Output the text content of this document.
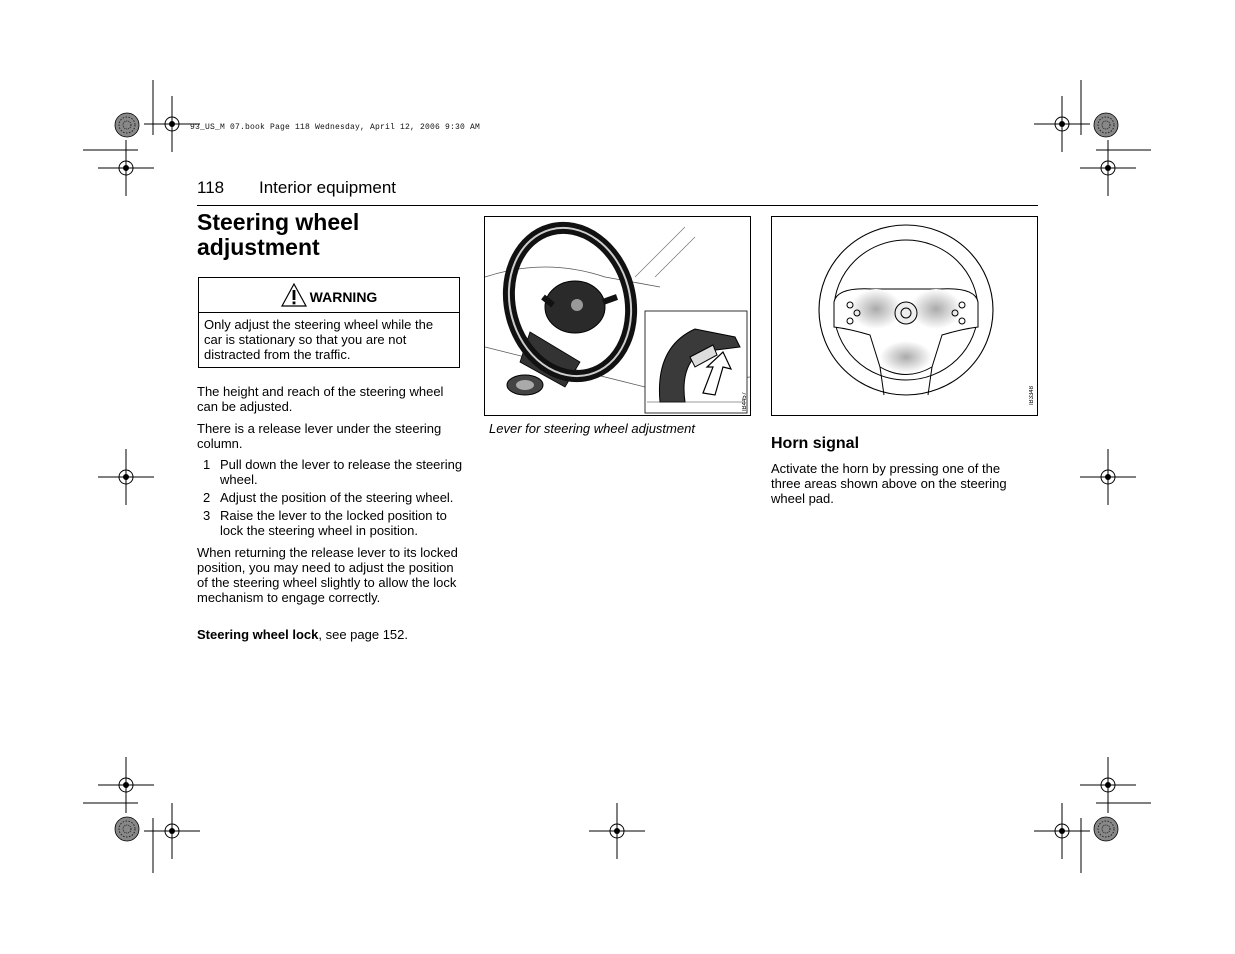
93_US_M 07.book Page 118 Wednesday, April 12, 2006 9:30 AM
118 Interior equipment
Steering wheel
adjustment
WARNING
Only adjust the steering wheel while the car is stationary so that you are not distracted from the traffic.
The height and reach of the steering wheel can be adjusted.
There is a release lever under the steering column.
1 Pull down the lever to release the steering wheel.
2 Adjust the position of the steering wheel.
3 Raise the lever to the locked position to lock the steering wheel in position.
When returning the release lever to its locked position, you may need to adjust the position of the steering wheel slightly to allow the lock mechanism to engage correctly.
Steering wheel lock, see page 152.
IB4457
Lever for steering wheel adjustment
IB3348
Horn signal
Activate the horn by pressing one of the three areas shown above on the steering wheel pad.
